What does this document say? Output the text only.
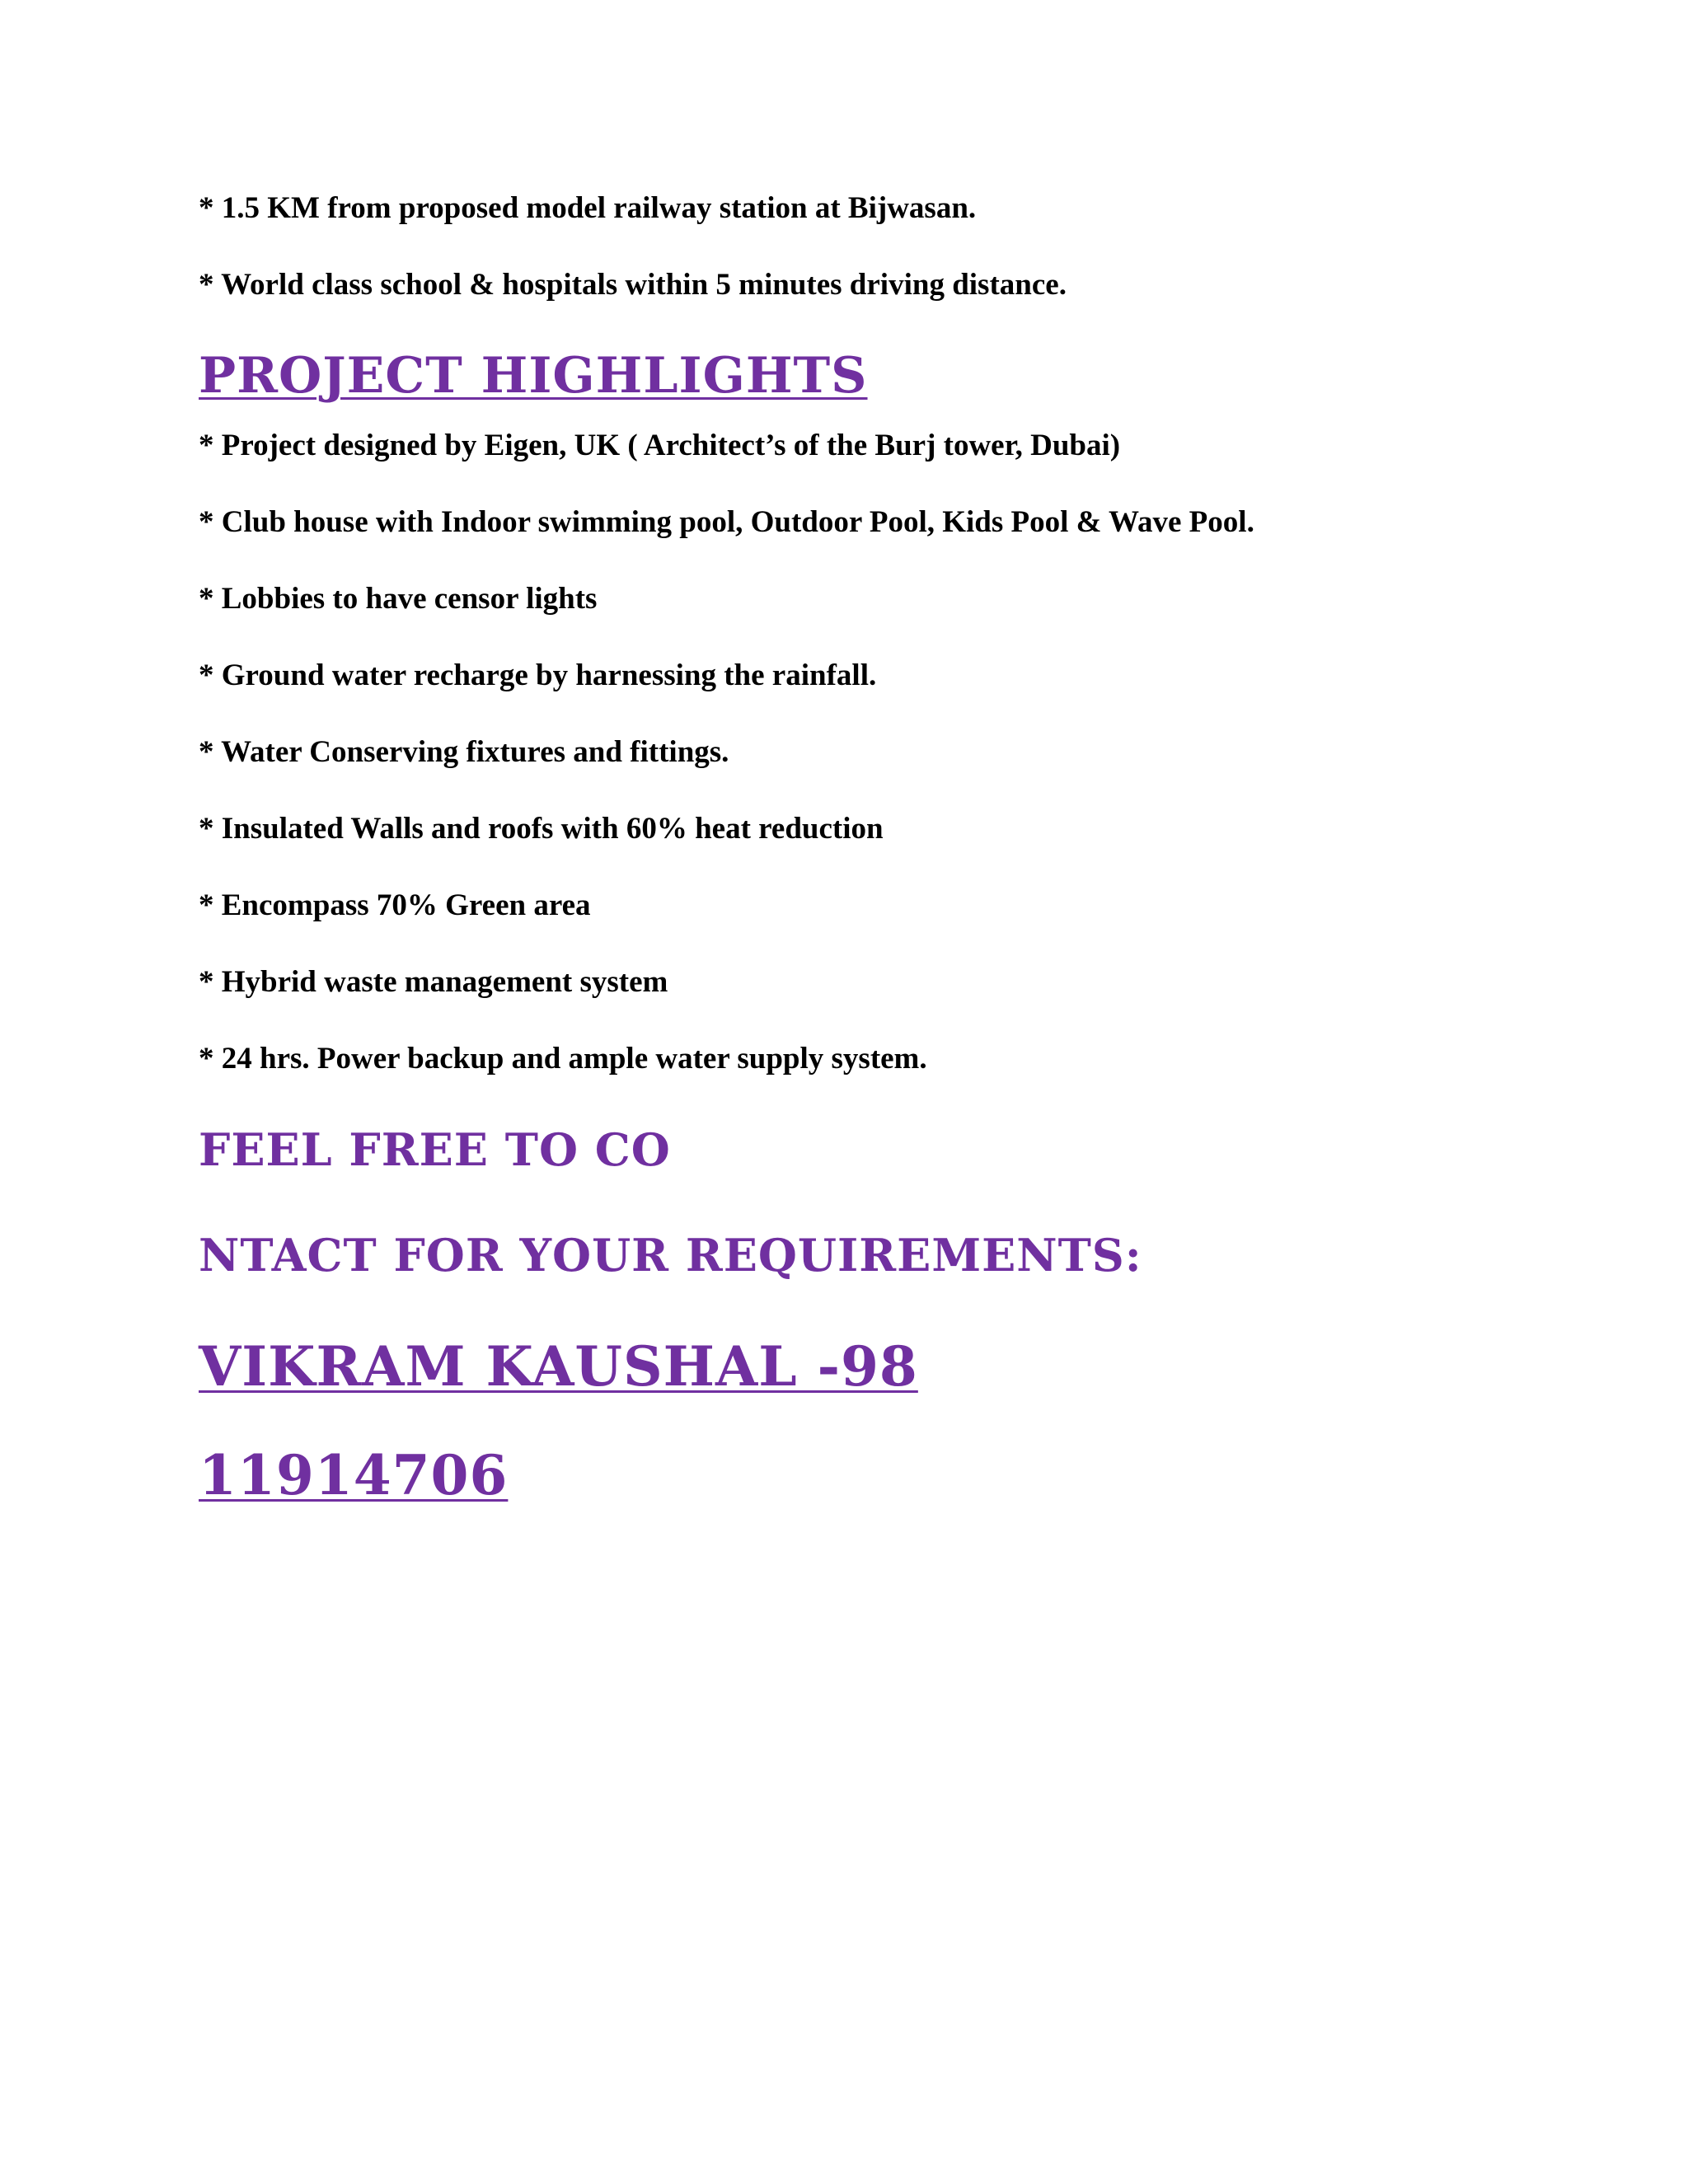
* 1.5 KM from proposed model railway station at Bijwasan.
* World class school & hospitals within 5 minutes driving distance.
PROJECT HIGHLIGHTS
* Project designed by Eigen, UK ( Architect’s of the Burj tower, Dubai)
* Club house with Indoor swimming pool, Outdoor Pool, Kids Pool & Wave Pool.
* Lobbies to have censor lights
* Ground water recharge by harnessing the rainfall.
* Water Conserving fixtures and fittings.
* Insulated Walls and roofs with 60% heat reduction
* Encompass 70% Green area
* Hybrid waste management system
* 24 hrs. Power backup and ample water supply system.
FEEL FREE TO CO
NTACT FOR YOUR REQUIREMENTS:
VIKRAM KAUSHAL -98
11914706
